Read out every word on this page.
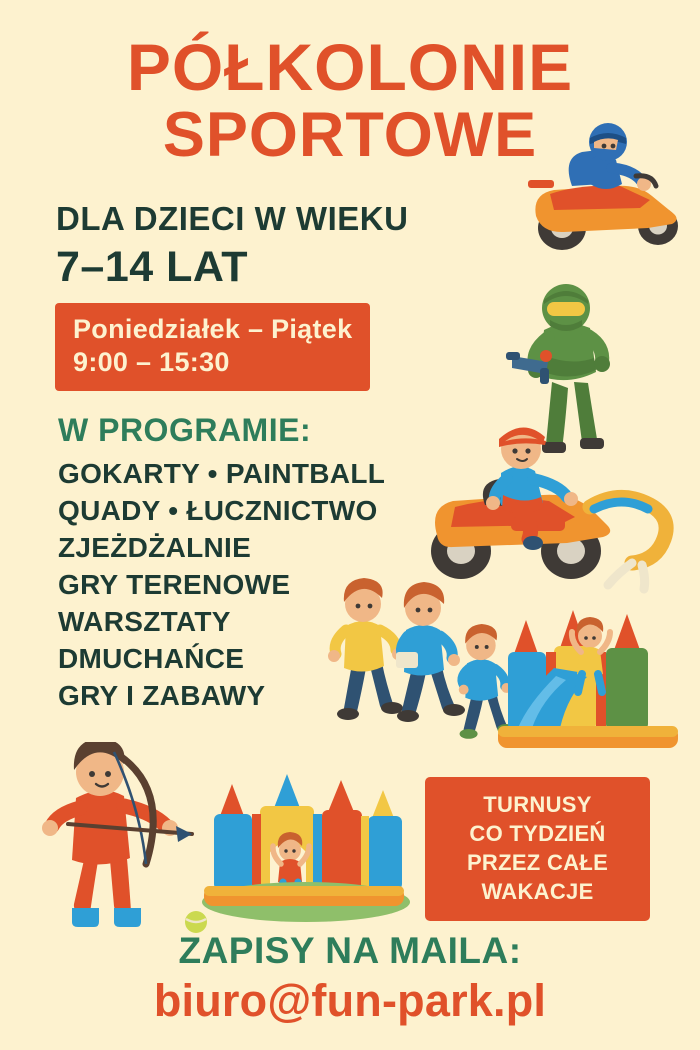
PÓŁKOLONIE
SPORTOWE
DLA DZIECI W WIEKU
7–14 LAT
Poniedziałek – Piątek
9:00 – 15:30
W PROGRAMIE:
GOKARTY • PAINTBALL
QUADY • ŁUCZNICTWO
ZJEŻDŻALNIE
GRY TERENOWE
WARSZTATY
DMUCHAŃCE
GRY I ZABAWY
TURNUSY
CO TYDZIEŃ
PRZEZ CAŁE
WAKACJE
ZAPISY NA MAILA:
biuro@fun-park.pl
